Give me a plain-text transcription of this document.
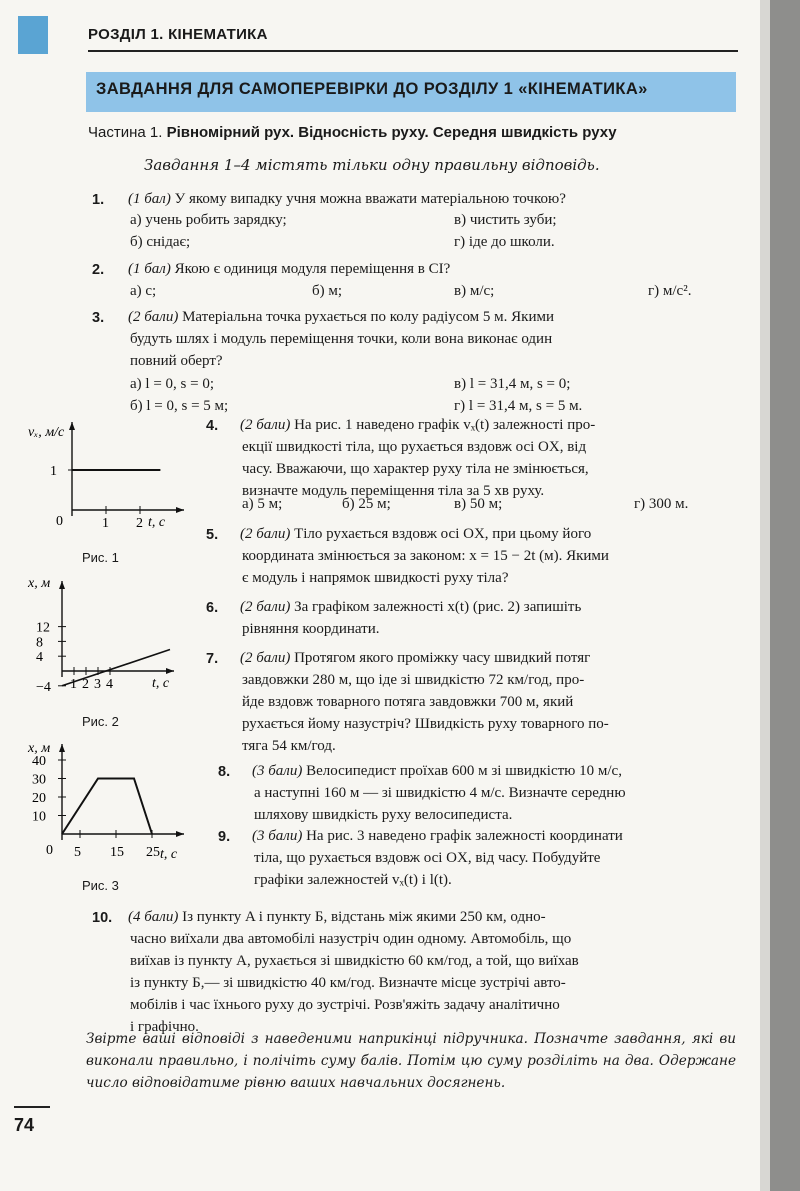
РОЗДІЛ 1. КІНЕМАТИКА
ЗАВДАННЯ ДЛЯ САМОПЕРЕВІРКИ ДО РОЗДІЛУ 1 «КІНЕМАТИКА»
Частина 1. Рівномірний рух. Відносність руху. Середня швидкість руху
Завдання 1–4 містять тільки одну правильну відповідь.
1. (1 бал) У якому випадку учня можна вважати матеріальною точкою?
а) учень робить зарядку;
б) снідає;
в) чистить зуби;
г) іде до школи.
2. (1 бал) Якою є одиниця модуля переміщення в СІ?
а) с;	б) м;	в) м/с;	г) м/с².
3. (2 бали) Матеріальна точка рухається по колу радіусом 5 м. Якими
будуть шлях і модуль переміщення точки, коли вона виконає один
повний оберт?
а) l = 0, s = 0;
б) l = 0, s = 5 м;
в) l = 31,4 м, s = 0;
г) l = 31,4 м, s = 5 м.
vₓ, м/с
t, c
0	1 2
1
Рис. 1
4. (2 бали) На рис. 1 наведено графік vₓ(t) залежності про-
екції швидкості тіла, що рухається вздовж осі OX, від
часу. Вважаючи, що характер руху тіла не змінюється,
визначте модуль переміщення тіла за 5 хв руху.
а) 5 м;	б) 25 м;	в) 50 м;	г) 300 м.
5. (2 бали) Тіло рухається вздовж осі OX, при цьому його
координата змінюється за законом: x = 15 − 2t (м). Якими
є модуль і напрямок швидкості руху тіла?
x, м
t, c
1 2 3 4
12
8
4
−4
Рис. 2
6. (2 бали) За графіком залежності x(t) (рис. 2) запишіть
рівняння координати.
7. (2 бали) Протягом якого проміжку часу швидкий потяг
завдовжки 280 м, що іде зі швидкістю 72 км/год, про-
йде вздовж товарного потяга завдовжки 700 м, який
рухається йому назустріч? Швидкість руху товарного по-
тяга 54 км/год.
x, м
t, c
0 5 15 25
40
30
20
10
Рис. 3
8. (3 бали) Велосипедист проїхав 600 м зі швидкістю 10 м/с,
а наступні 160 м — зі швидкістю 4 м/с. Визначте середню
шляхову швидкість руху велосипедиста.
9. (3 бали) На рис. 3 наведено графік залежності координати
тіла, що рухається вздовж осі OX, від часу. Побудуйте
графіки залежностей vₓ(t) і l(t).
10. (4 бали) Із пункту A і пункту Б, відстань між якими 250 км, одно-
часно виїхали два автомобілі назустріч один одному. Автомобіль, що
виїхав із пункту A, рухається зі швидкістю 60 км/год, а той, що виїхав
із пункту Б,— зі швидкістю 40 км/год. Визначте місце зустрічі авто-
мобілів і час їхнього руху до зустрічі. Розв'яжіть задачу аналітично
і графічно.
Звірте ваші відповіді з наведеними наприкінці підручника. Позначте завдання, які ви виконали правильно, і полічіть суму балів. Потім цю суму розділіть на два. Одержане число відповідатиме рівню ваших навчальних досягнень.
74
